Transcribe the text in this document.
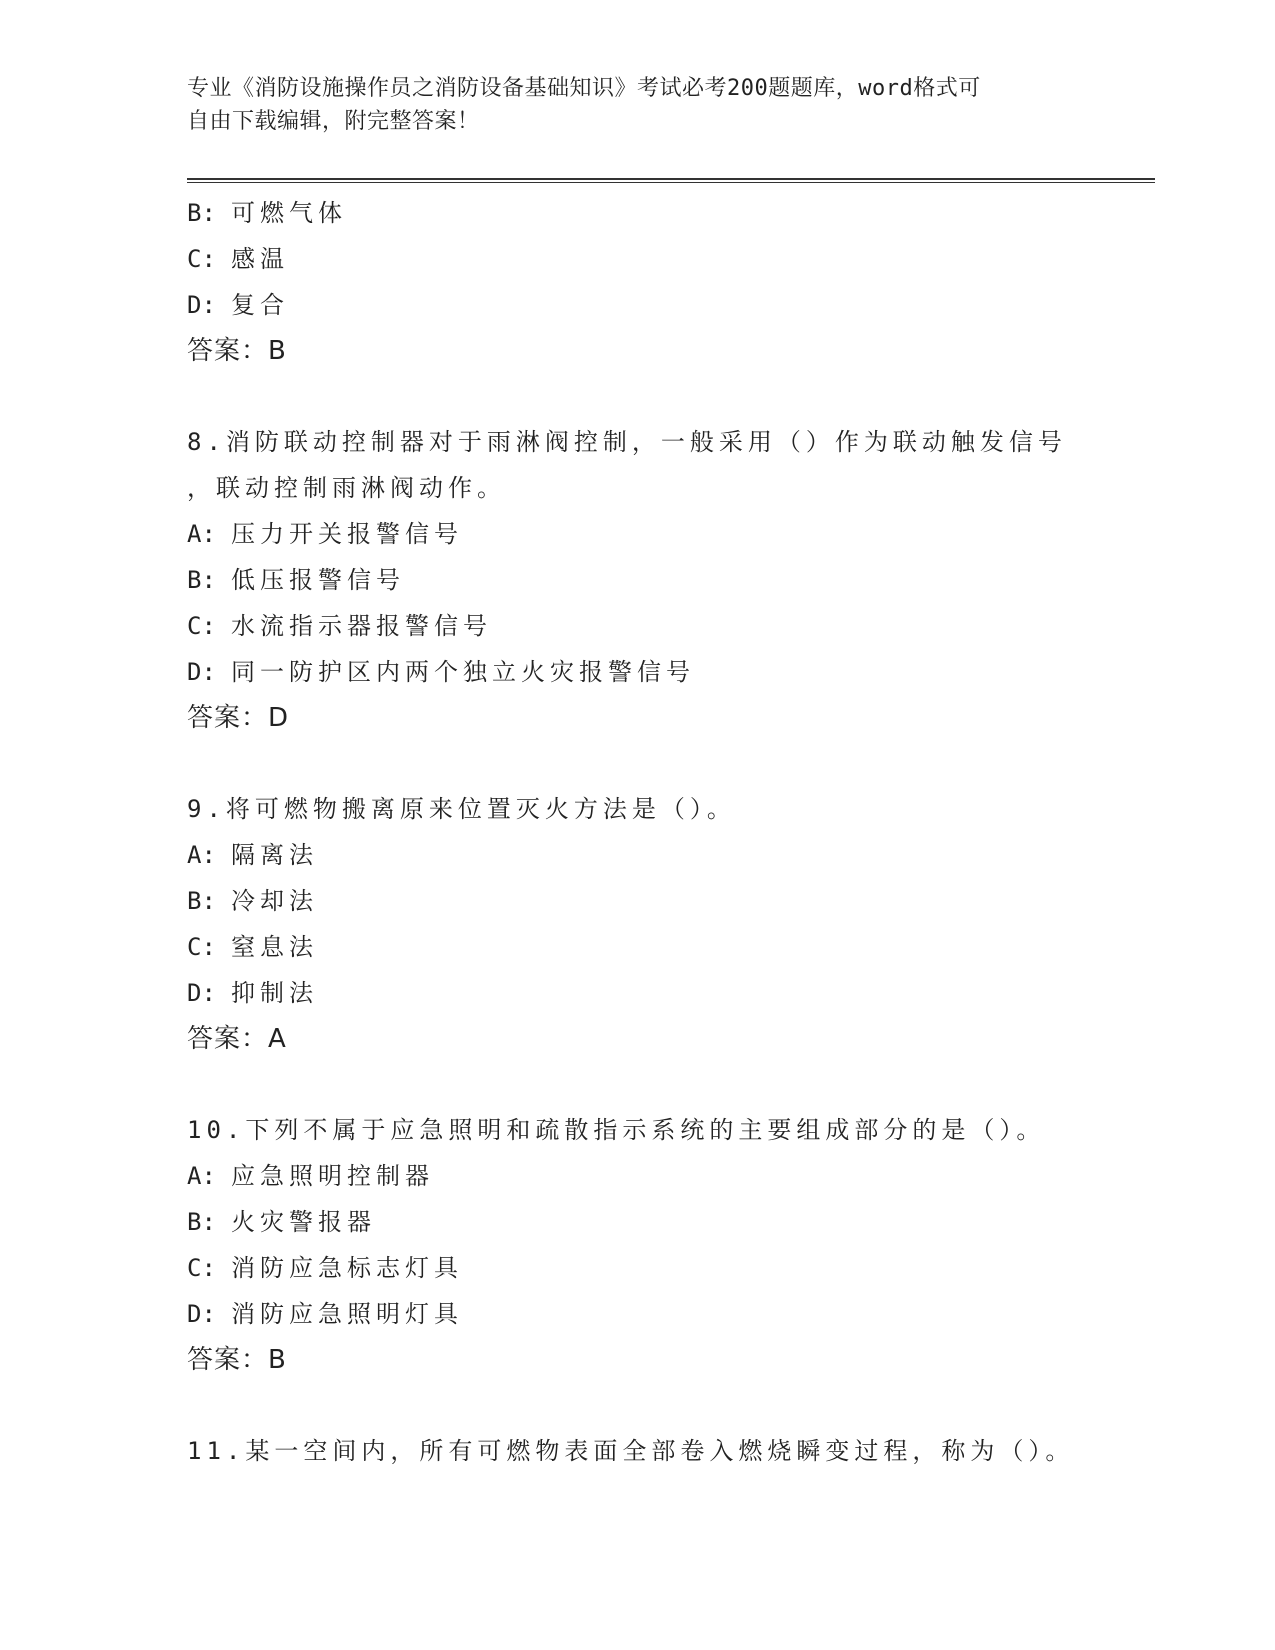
专业《消防设施操作员之消防设备基础知识》考试必考200题题库，word格式可
自由下载编辑，附完整答案！
B: 可燃气体
C: 感温
D: 复合
答案：B
8.消防联动控制器对于雨淋阀控制，一般采用（）作为联动触发信号
，联动控制雨淋阀动作。
A: 压力开关报警信号
B: 低压报警信号
C: 水流指示器报警信号
D: 同一防护区内两个独立火灾报警信号
答案：D
9.将可燃物搬离原来位置灭火方法是（）。
A: 隔离法
B: 冷却法
C: 窒息法
D: 抑制法
答案：A
10.下列不属于应急照明和疏散指示系统的主要组成部分的是（）。
A: 应急照明控制器
B: 火灾警报器
C: 消防应急标志灯具
D: 消防应急照明灯具
答案：B
11.某一空间内，所有可燃物表面全部卷入燃烧瞬变过程，称为（）。
